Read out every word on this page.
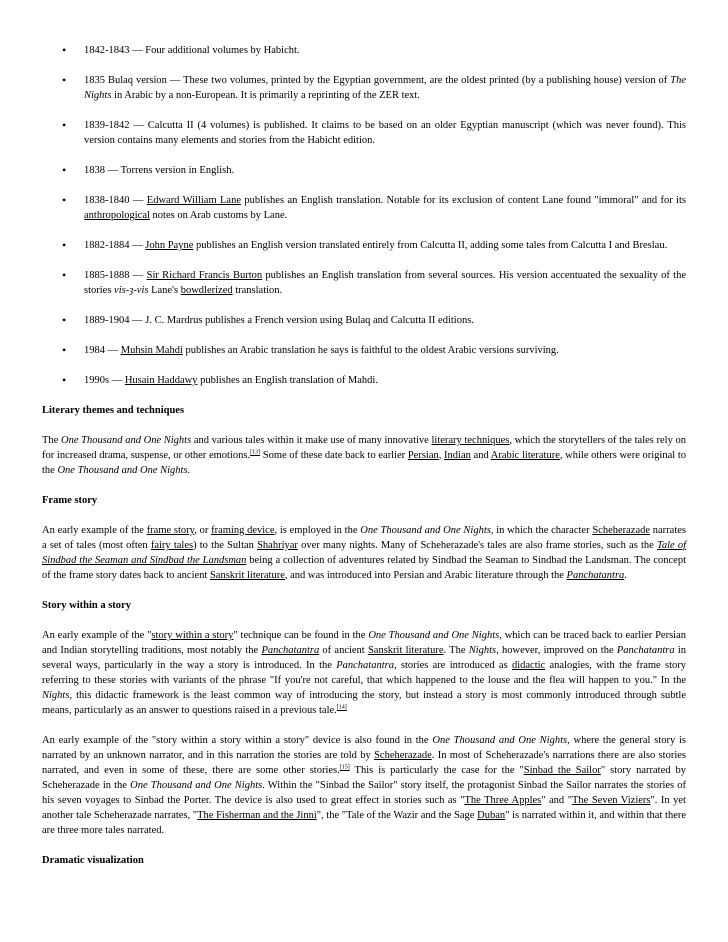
• 1842-1843 — Four additional volumes by Habicht.
• 1835 Bulaq version — These two volumes, printed by the Egyptian government, are the oldest printed (by a publishing house) version of The Nights in Arabic by a non-European. It is primarily a reprinting of the ZER text.
• 1839-1842 — Calcutta II (4 volumes) is published. It claims to be based on an older Egyptian manuscript (which was never found). This version contains many elements and stories from the Habicht edition.
• 1838 — Torrens version in English.
• 1838-1840 — Edward William Lane publishes an English translation. Notable for its exclusion of content Lane found "immoral" and for its anthropological notes on Arab customs by Lane.
• 1882-1884 — John Payne publishes an English version translated entirely from Calcutta II, adding some tales from Calcutta I and Breslau.
• 1885-1888 — Sir Richard Francis Burton publishes an English translation from several sources. His version accentuated the sexuality of the stories vis-ȝ-vis Lane's bowdlerized translation.
• 1889-1904 — J. C. Mardrus publishes a French version using Bulaq and Calcutta II editions.
• 1984 — Muhsin Mahdi publishes an Arabic translation he says is faithful to the oldest Arabic versions surviving.
• 1990s — Husain Haddawy publishes an English translation of Mahdi.
Literary themes and techniques

The One Thousand and One Nights and various tales within it make use of many innovative literary techniques, which the storytellers of the tales rely on for increased drama, suspense, or other emotions.[13] Some of these date back to earlier Persian, Indian and Arabic literature, while others were original to the One Thousand and One Nights.

Frame story

An early example of the frame story, or framing device, is employed in the One Thousand and One Nights, in which the character Scheherazade narrates a set of tales (most often fairy tales) to the Sultan Shahriyar over many nights. Many of Scheherazade's tales are also frame stories, such as the Tale of Sindbad the Seaman and Sindbad the Landsman being a collection of adventures related by Sindbad the Seaman to Sindbad the Landsman. The concept of the frame story dates back to ancient Sanskrit literature, and was introduced into Persian and Arabic literature through the Panchatantra.

Story within a story

An early example of the "story within a story" technique can be found in the One Thousand and One Nights, which can be traced back to earlier Persian and Indian storytelling traditions, most notably the Panchatantra of ancient Sanskrit literature. The Nights, however, improved on the Panchatantra in several ways, particularly in the way a story is introduced. In the Panchatantra, stories are introduced as didactic analogies, with the frame story referring to these stories with variants of the phrase "If you're not careful, that which happened to the louse and the flea will happen to you." In the Nights, this didactic framework is the least common way of introducing the story, but instead a story is most commonly introduced through subtle means, particularly as an answer to questions raised in a previous tale.[14]

An early example of the "story within a story within a story" device is also found in the One Thousand and One Nights, where the general story is narrated by an unknown narrator, and in this narration the stories are told by Scheherazade. In most of Scheherazade's narrations there are also stories narrated, and even in some of these, there are some other stories.[15] This is particularly the case for the "Sinbad the Sailor" story narrated by Scheherazade in the One Thousand and One Nights. Within the "Sinbad the Sailor" story itself, the protagonist Sinbad the Sailor narrates the stories of his seven voyages to Sinbad the Porter. The device is also used to great effect in stories such as "The Three Apples" and "The Seven Viziers". In yet another tale Scheherazade narrates, "The Fisherman and the Jinni", the "Tale of the Wazir and the Sage Duban" is narrated within it, and within that there are three more tales narrated.

Dramatic visualization
